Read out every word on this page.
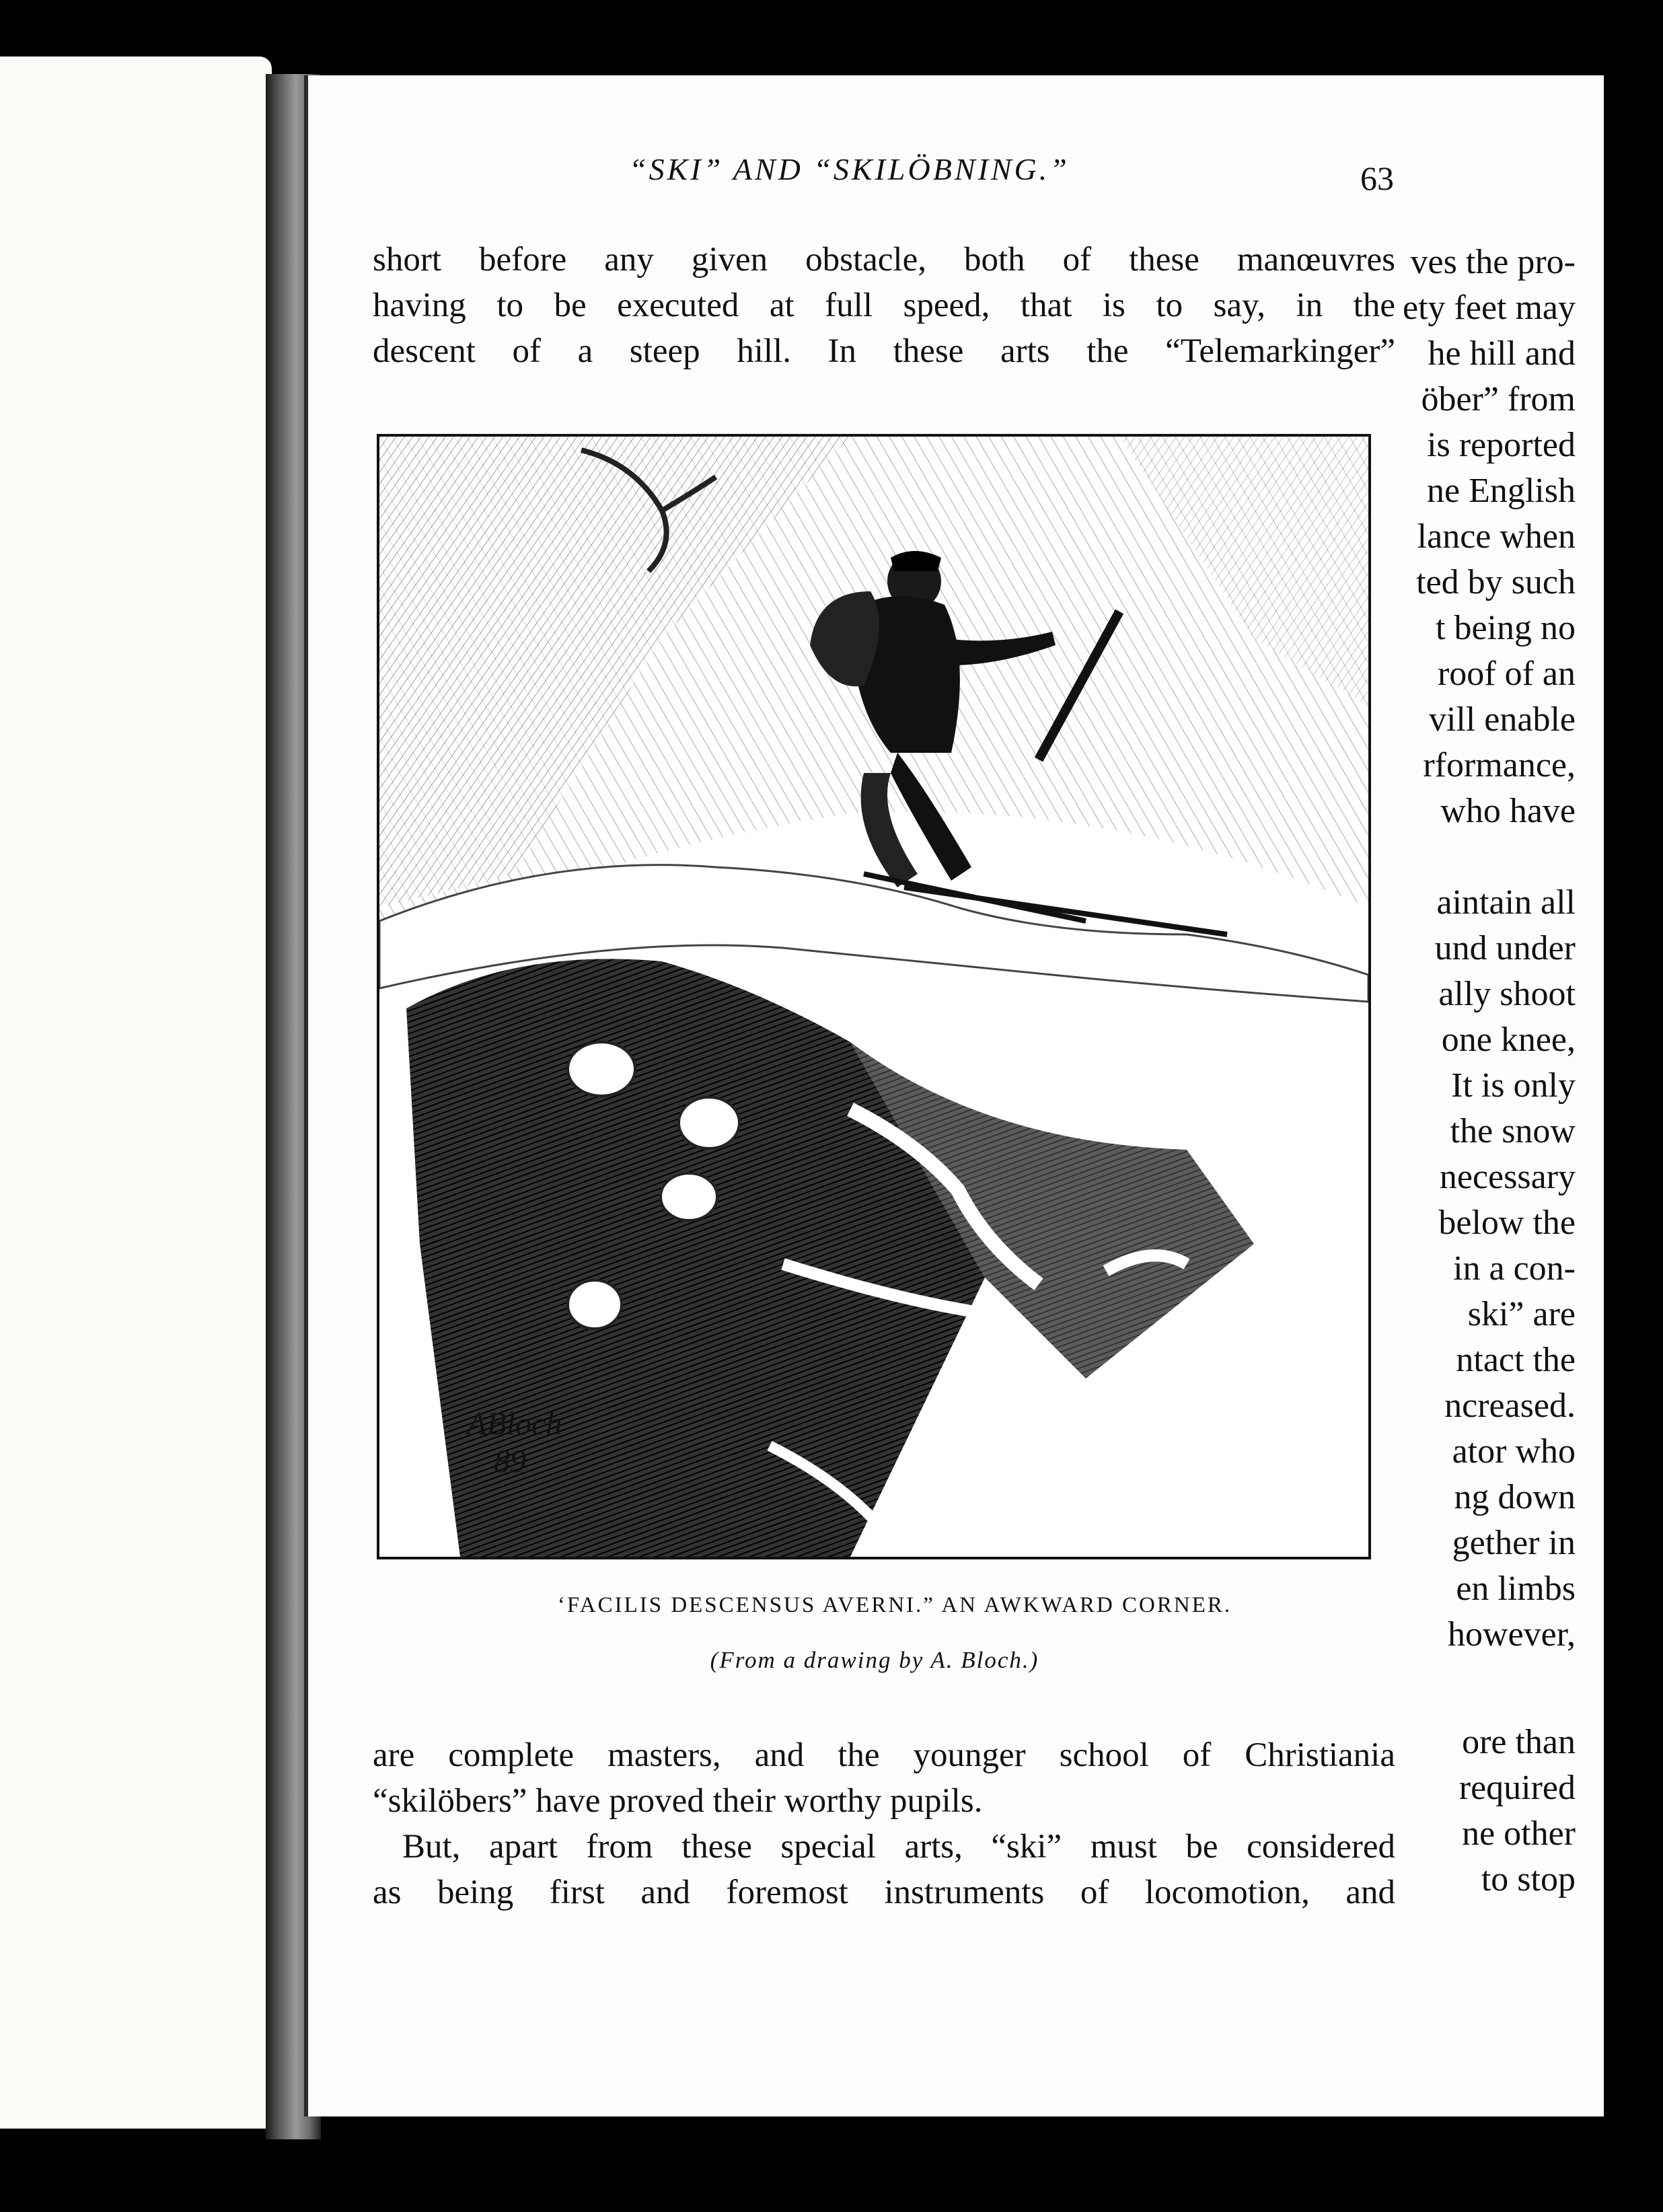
ves the pro-
ety feet may
he hill and
öber” from
is reported
ne English
lance when
ted by such
t being no
roof of an
vill enable
rformance,
who have
aintain all
und under
ally shoot
one knee,
It is only
the snow
necessary
below the
in a con-
ski” are
ntact the
ncreased.
ator who
ng down
gether in
en limbs
however,
ore than
required
ne other
to stop
“SKI” AND “SKILÖBNING.”	63
short before any given obstacle, both of these manœuvres
having to be executed at full speed, that is to say, in the
descent of a steep hill. In these arts the “Telemarkinger”
ABloch
89
‘FACILIS DESCENSUS AVERNI.” AN AWKWARD CORNER.
(From a drawing by A. Bloch.)
are complete masters, and the younger school of Christiania
“skilöbers” have proved their worthy pupils.
But, apart from these special arts, “ski” must be considered
as being first and foremost instruments of locomotion, and
